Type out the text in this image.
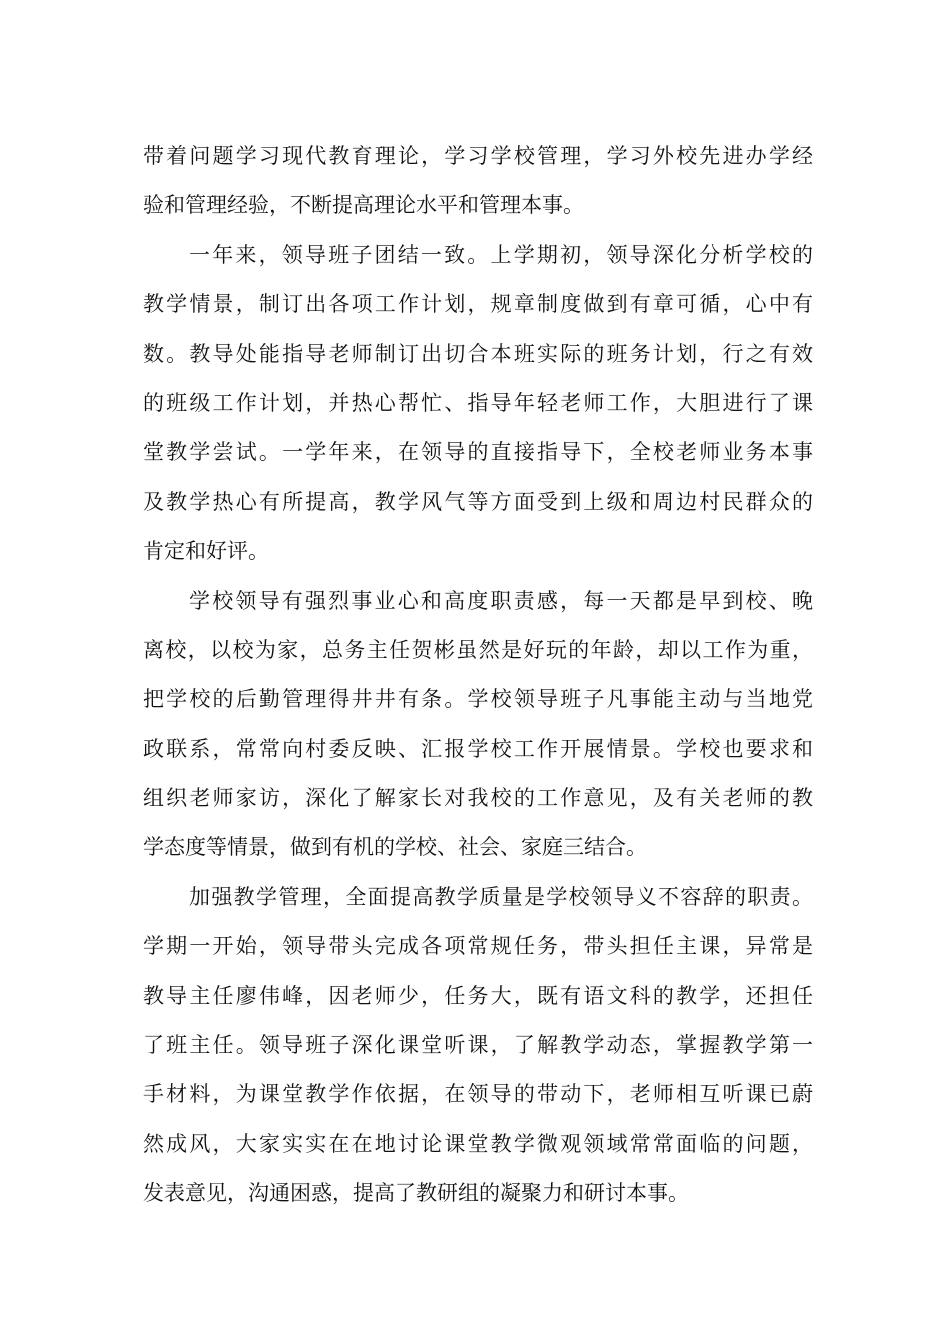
带着问题学习现代教育理论，学习学校管理，学习外校先进办学经
验和管理经验，不断提高理论水平和管理本事。
一年来，领导班子团结一致。上学期初，领导深化分析学校的
教学情景，制订出各项工作计划，规章制度做到有章可循，心中有
数。教导处能指导老师制订出切合本班实际的班务计划，行之有效
的班级工作计划，并热心帮忙、指导年轻老师工作，大胆进行了课
堂教学尝试。一学年来，在领导的直接指导下，全校老师业务本事
及教学热心有所提高，教学风气等方面受到上级和周边村民群众的
肯定和好评。
学校领导有强烈事业心和高度职责感，每一天都是早到校、晚
离校，以校为家，总务主任贺彬虽然是好玩的年龄，却以工作为重，
把学校的后勤管理得井井有条。学校领导班子凡事能主动与当地党
政联系，常常向村委反映、汇报学校工作开展情景。学校也要求和
组织老师家访，深化了解家长对我校的工作意见，及有关老师的教
学态度等情景，做到有机的学校、社会、家庭三结合。
加强教学管理，全面提高教学质量是学校领导义不容辞的职责。
学期一开始，领导带头完成各项常规任务，带头担任主课，异常是
教导主任廖伟峰，因老师少，任务大，既有语文科的教学，还担任
了班主任。领导班子深化课堂听课，了解教学动态，掌握教学第一
手材料，为课堂教学作依据，在领导的带动下，老师相互听课已蔚
然成风，大家实实在在地讨论课堂教学微观领域常常面临的问题，
发表意见，沟通困惑，提高了教研组的凝聚力和研讨本事。
